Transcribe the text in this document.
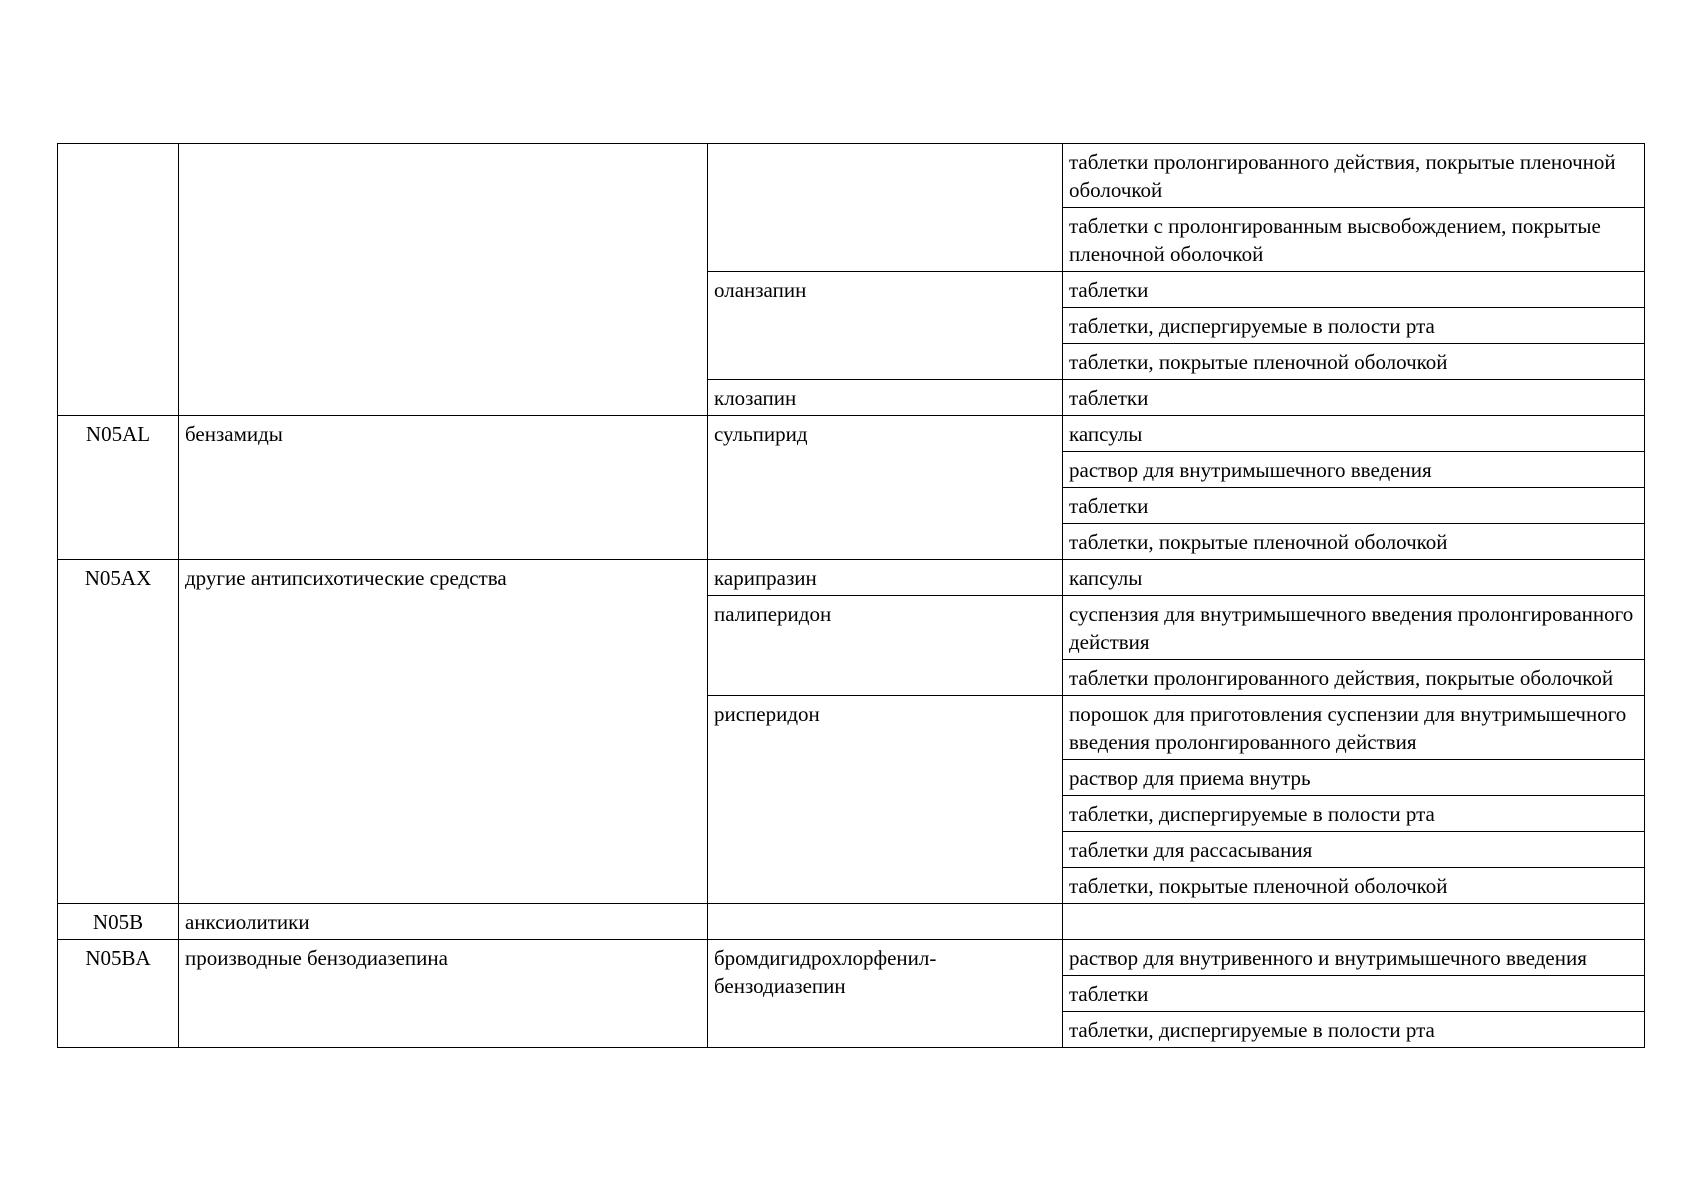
			таблетки пролонгированного действия, покрытые пленочной оболочкой
			таблетки с пролонгированным высвобождением, покрытые пленочной оболочкой
		оланзапин	таблетки
			таблетки, диспергируемые в полости рта
			таблетки, покрытые пленочной оболочкой
		клозапин	таблетки
N05AL	бензамиды	сульпирид	капсулы
			раствор для внутримышечного введения
			таблетки
			таблетки, покрытые пленочной оболочкой
N05AX	другие антипсихотические средства	карипразин	капсулы
		палиперидон	суспензия для внутримышечного введения пролонгированного действия
			таблетки пролонгированного действия, покрытые оболочкой
		рисперидон	порошок для приготовления суспензии для внутримышечного введения пролонгированного действия
			раствор для приема внутрь
			таблетки, диспергируемые в полости рта
			таблетки для рассасывания
			таблетки, покрытые пленочной оболочкой
N05B	анксиолитики		
N05BA	производные бензодиазепина	бромдигидрохлорфенил-бензодиазепин	раствор для внутривенного и внутримышечного введения
			таблетки
			таблетки, диспергируемые в полости рта
